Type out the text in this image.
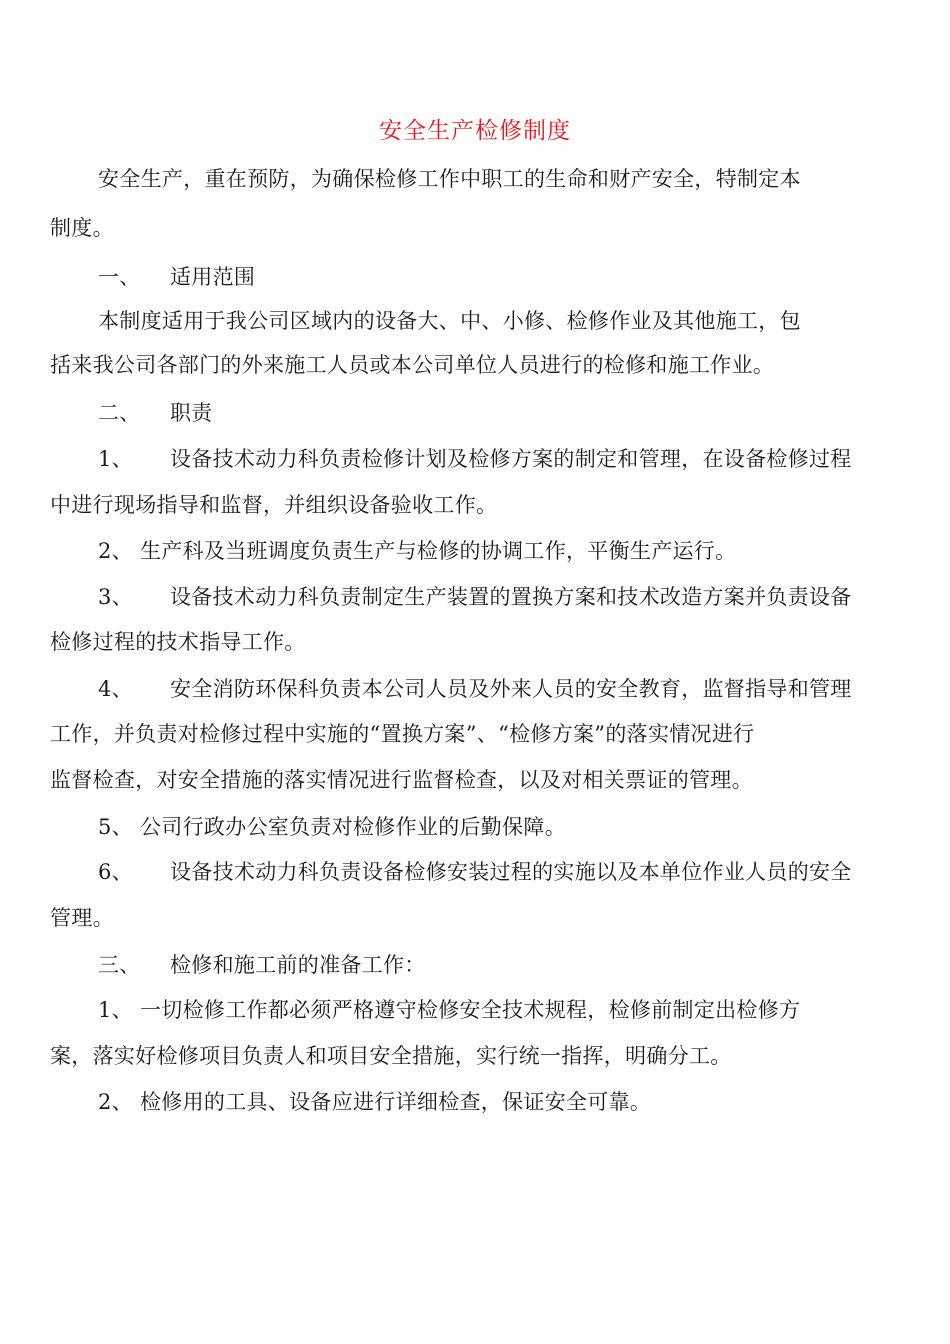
安全生产检修制度
安全生产，重在预防，为确保检修工作中职工的生命和财产安全，特制定本
制度。
一、 适用范围
本制度适用于我公司区域内的设备大、中、小修、检修作业及其他施工，包
括来我公司各部门的外来施工人员或本公司单位人员进行的检修和施工作业。
二、 职责
1、 设备技术动力科负责检修计划及检修方案的制定和管理，在设备检修过程
中进行现场指导和监督，并组织设备验收工作。
2、 生产科及当班调度负责生产与检修的协调工作，平衡生产运行。
3、 设备技术动力科负责制定生产装置的置换方案和技术改造方案并负责设备
检修过程的技术指导工作。
4、 安全消防环保科负责本公司人员及外来人员的安全教育，监督指导和管理
工作，并负责对检修过程中实施的“置换方案”、“检修方案”的落实情况进行
监督检查，对安全措施的落实情况进行监督检查，以及对相关票证的管理。
5、 公司行政办公室负责对检修作业的后勤保障。
6、 设备技术动力科负责设备检修安装过程的实施以及本单位作业人员的安全
管理。
三、 检修和施工前的准备工作：
1、 一切检修工作都必须严格遵守检修安全技术规程，检修前制定出检修方
案，落实好检修项目负责人和项目安全措施，实行统一指挥，明确分工。
2、 检修用的工具、设备应进行详细检查，保证安全可靠。
